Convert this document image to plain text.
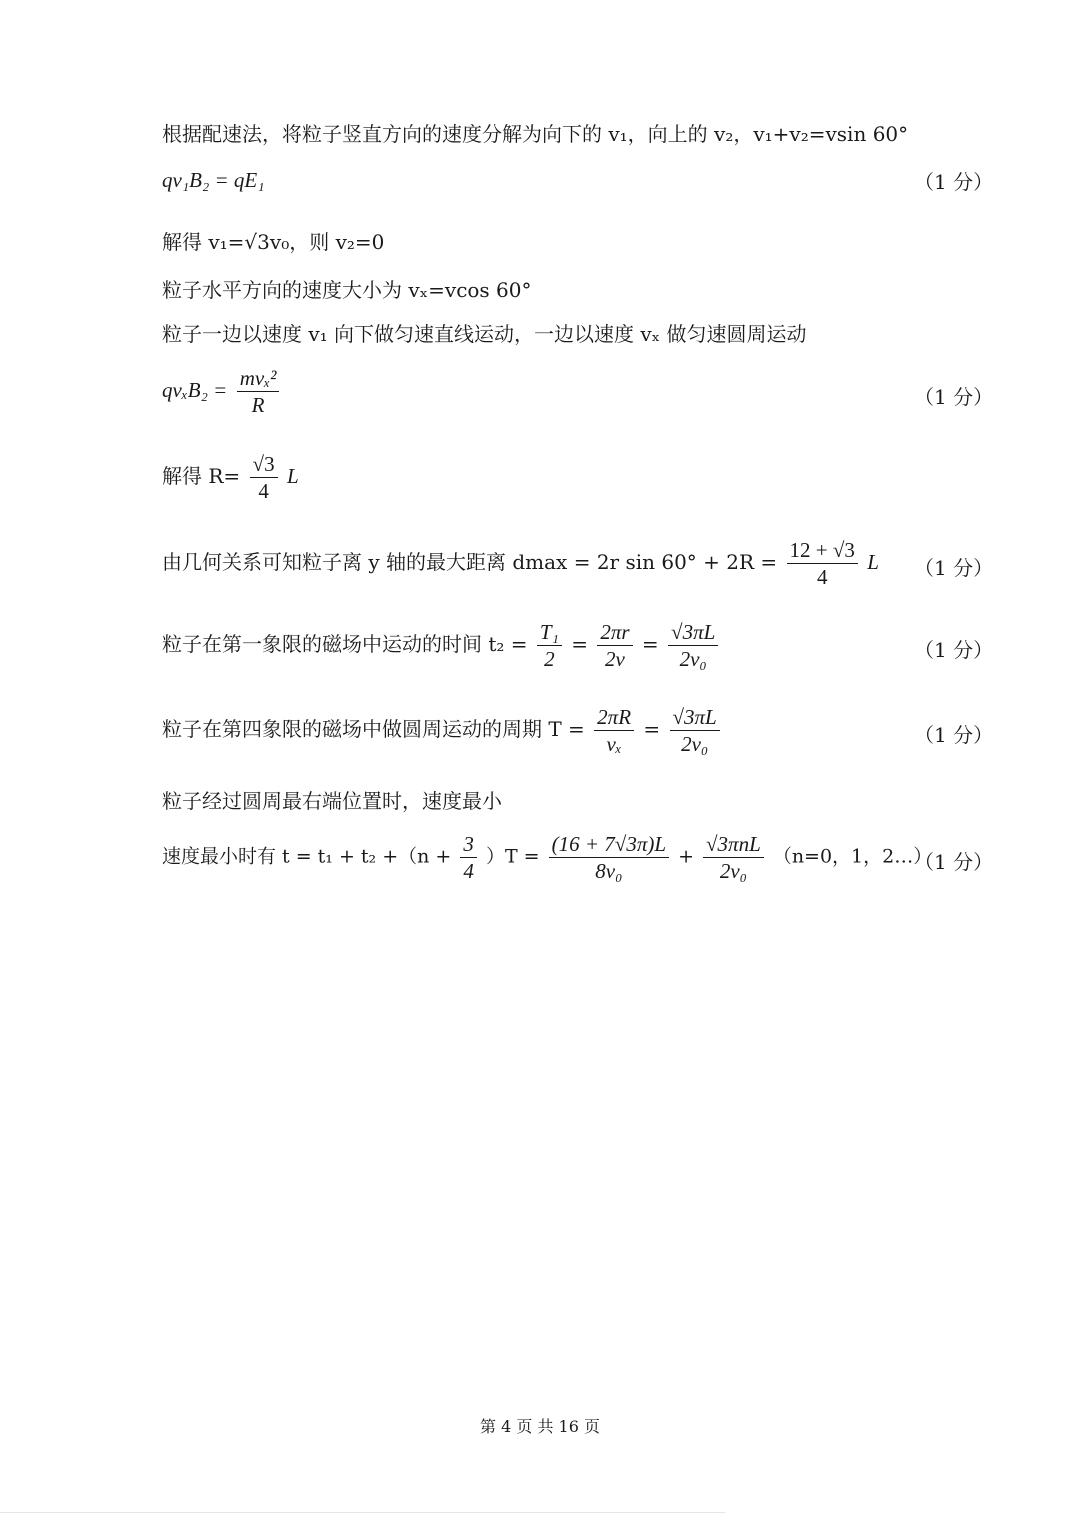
根据配速法，将粒子竖直方向的速度分解为向下的 v₁，向上的 v₂，v₁+v₂=vsin 60°
qv₁B₂ = qE₁	（1 分）
解得 v₁=√3v₀，则 v₂=0
粒子水平方向的速度大小为 vₓ=vcos 60°
粒子一边以速度 v₁ 向下做匀速直线运动，一边以速度 vₓ 做匀速圆周运动
$qv_xB_2 = \frac{\text{mvₓ²}}{R}$	（1 分）
解得 $R= \frac{√3}{4}$ L
由几何关系可知粒子离 y 轴的最大距离 dmax = 2r $\sin 60^\circ + 2R = \frac{12 + √3}{4}$ L （1 分）
粒子在第一象限的磁场中运动的时间 $t_2 = \frac{\text{T₁}}{2} = \frac{2\pi r}{2v} = \frac{√3\pi L}{\text{2v₀}}$	（1 分）
粒子在第四象限的磁场中做圆周运动的周期 $T = \frac{2\pi R}{\text{vₓ}} = \frac{√3\pi L}{\text{2v₀}}$	（1 分）
粒子经过圆周最右端位置时，速度最小
速度最小时有 $t = t_1 + t_2 +(n + \frac{3}{4} )T = \frac{(16 + 7√3\pi)L}{\text{8v₀}} + \frac{\text{√3πnL}}{\text{2v₀}} (n=0$，1，2…）
（1 分）
第 4 页 共 16 页
